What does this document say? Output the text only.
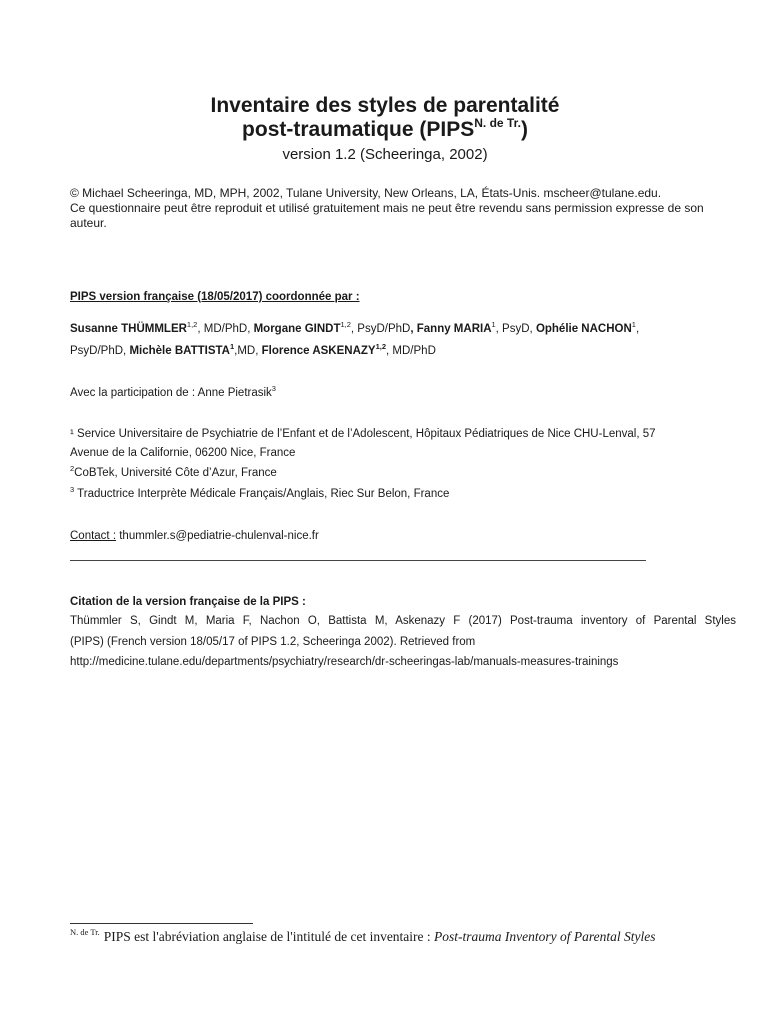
Inventaire des styles de parentalité
post-traumatique $(PIPS^{N. de Tr.})$
version 1.2 (Scheeringa, 2002)
© Michael Scheeringa, MD, MPH, 2002, Tulane University, New Orleans, LA, États-Unis. mscheer@tulane.edu.
Ce questionnaire peut être reproduit et utilisé gratuitement mais ne peut être revendu sans permission expresse de son auteur.
PIPS version française (18/05/2017) coordonnée par :
Susanne THÜMMLER$^{1,2}$, MD/PhD, Morgane GINDT$^{1,2}$, PsyD/PhD, Fanny MARIA$^1$, PsyD, Ophélie NACHON$^1$,
PsyD/PhD, Michèle BATTISTA$^1$,MD, Florence ASKENAZY$^{1,2}$, MD/PhD
Avec la participation de : Anne Pietrasik$^3$
¹ Service Universitaire de Psychiatrie de l’Enfant et de l’Adolescent, Hôpitaux Pédiatriques de Nice CHU-Lenval, 57
Avenue de la Californie, 06200 Nice, France
$^2$CoBTek, Université Côte d’Azur, France
$^3$ Traductrice Interprète Médicale Français/Anglais, Riec Sur Belon, France
Contact : thummler.s@pediatrie-chulenval-nice.fr
Citation de la version française de la PIPS :
Thümmler S, Gindt M, Maria F, Nachon O, Battista M, Askenazy F (2017) Post-trauma inventory of Parental Styles
(PIPS) (French version 18/05/17 of PIPS 1.2, Scheeringa 2002). Retrieved from
http://medicine.tulane.edu/departments/psychiatry/research/dr-scheeringas-lab/manuals-measures-trainings
$^{N. de Tr.}$ PIPS est l'abréviation anglaise de l'intitulé de cet inventaire : Post-trauma Inventory of Parental Styles
